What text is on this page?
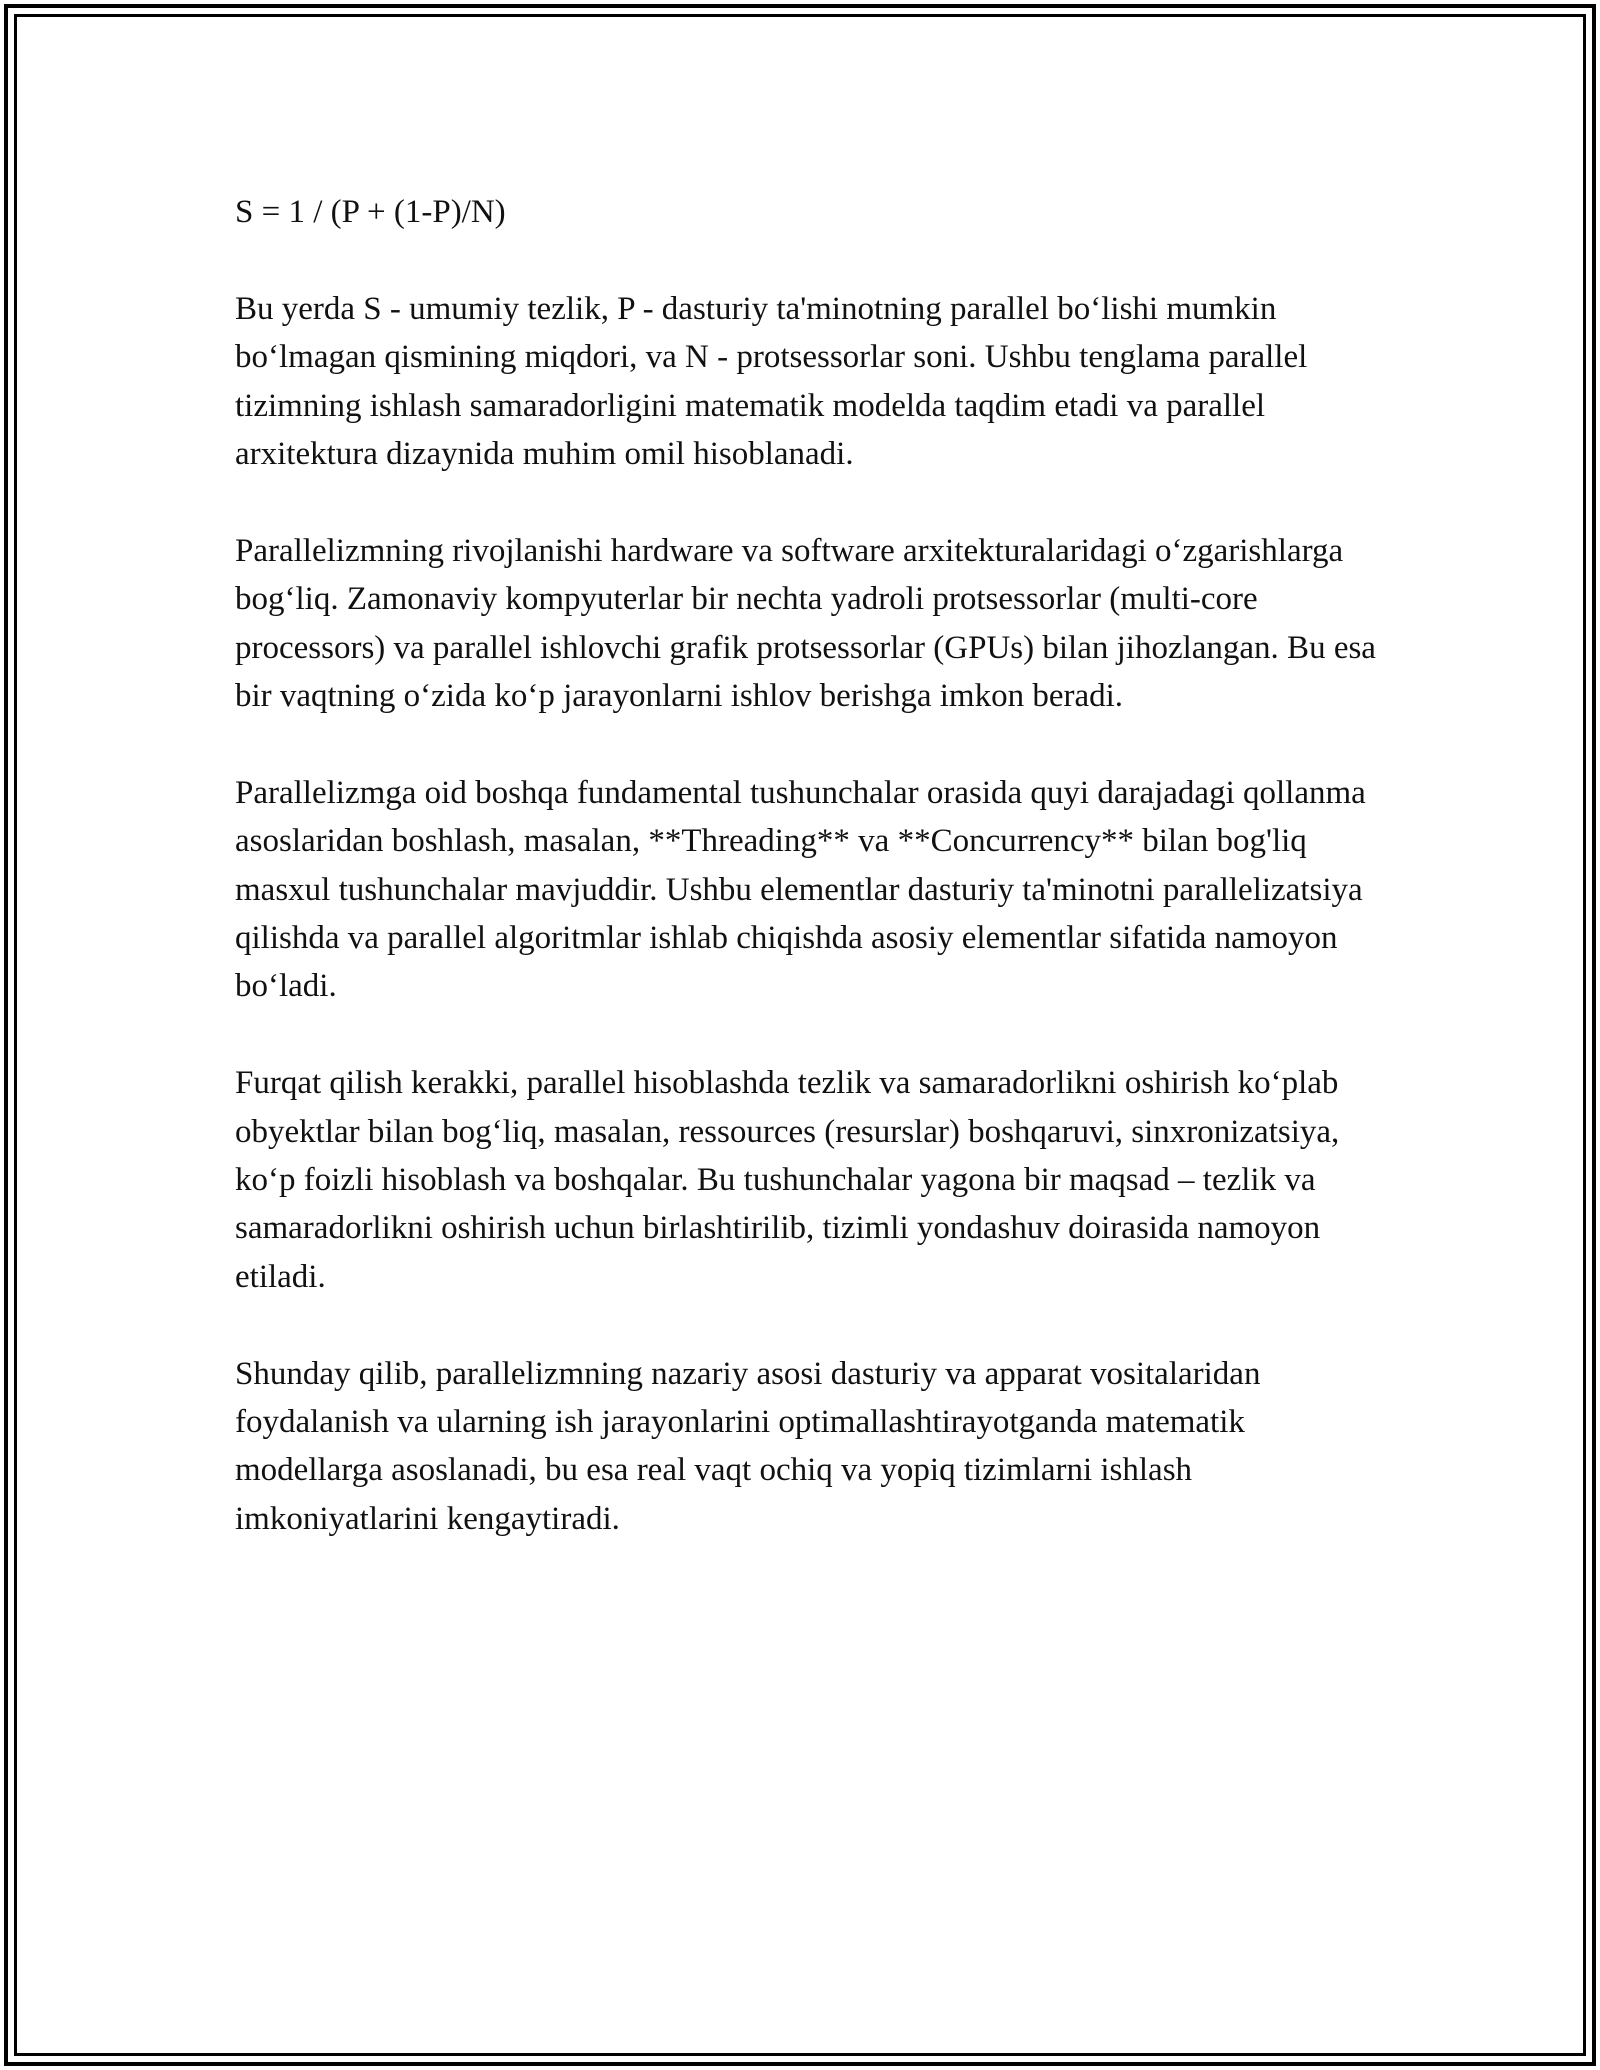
S = 1 / (P + (1-P)/N)

Bu yerda S - umumiy tezlik, P - dasturiy ta'minotning parallel bo‘lishi mumkin bo‘lmagan qismining miqdori, va N - protsessorlar soni. Ushbu tenglama parallel tizimning ishlash samaradorligini matematik modelda taqdim etadi va parallel arxitektura dizaynida muhim omil hisoblanadi.

Parallelizmning rivojlanishi hardware va software arxitekturalaridagi o‘zgarishlarga bog‘liq. Zamonaviy kompyuterlar bir nechta yadroli protsessorlar (multi-core processors) va parallel ishlovchi grafik protsessorlar (GPUs) bilan jihozlangan. Bu esa bir vaqtning o‘zida ko‘p jarayonlarni ishlov berishga imkon beradi.

Parallelizmga oid boshqa fundamental tushunchalar orasida quyi darajadagi qollanma asoslaridan boshlash, masalan, **Threading** va **Concurrency** bilan bog'liq masxul tushunchalar mavjuddir. Ushbu elementlar dasturiy ta'minotni parallelizatsiya qilishda va parallel algoritmlar ishlab chiqishda asosiy elementlar sifatida namoyon bo‘ladi.

Furqat qilish kerakki, parallel hisoblashda tezlik va samaradorlikni oshirish ko‘plab obyektlar bilan bog‘liq, masalan, ressources (resurslar) boshqaruvi, sinxronizatsiya, ko‘p foizli hisoblash va boshqalar. Bu tushunchalar yagona bir maqsad – tezlik va samaradorlikni oshirish uchun birlashtirilib, tizimli yondashuv doirasida namoyon etiladi.

Shunday qilib, parallelizmning nazariy asosi dasturiy va apparat vositalaridan foydalanish va ularning ish jarayonlarini optimallashtirayotganda matematik modellarga asoslanadi, bu esa real vaqt ochiq va yopiq tizimlarni ishlash imkoniyatlarini kengaytiradi.
